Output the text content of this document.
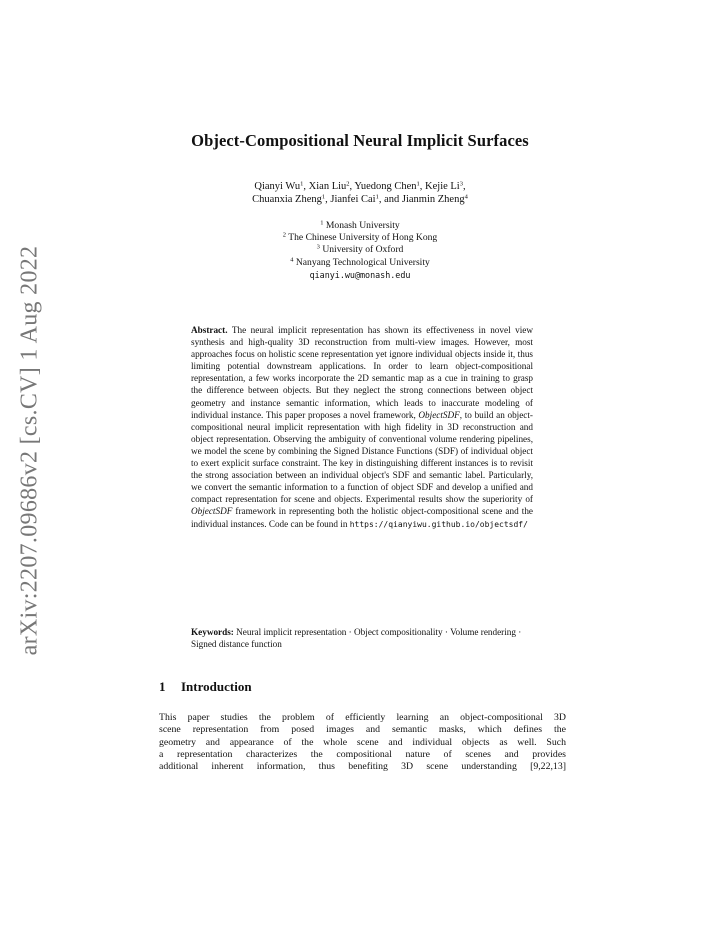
arXiv:2207.09686v2 [cs.CV] 1 Aug 2022
Object-Compositional Neural Implicit Surfaces
Qianyi Wu$^1$, Xian Liu$^2$, Yuedong Chen$^1$, Kejie Li$^3$,
Chuanxia Zheng$^1$, Jianfei Cai$^1$, and Jianmin Zheng$^4$
$^1$ Monash University
$^2$ The Chinese University of Hong Kong
$^3$ University of Oxford
$^4$ Nanyang Technological University
qianyi.wu@monash.edu
Abstract. The neural implicit representation has shown its effectiveness in novel view synthesis and high-quality 3D reconstruction from multi-view images. However, most approaches focus on holistic scene representation yet ignore individual objects inside it, thus limiting potential downstream applications. In order to learn object-compositional representation, a few works incorporate the 2D semantic map as a cue in training to grasp the difference between objects. But they neglect the strong connections between object geometry and instance semantic information, which leads to inaccurate modeling of individual instance. This paper proposes a novel framework, ObjectSDF, to build an object-compositional neural implicit representation with high fidelity in 3D reconstruction and object representation. Observing the ambiguity of conventional volume rendering pipelines, we model the scene by combining the Signed Distance Functions (SDF) of individual object to exert explicit surface constraint. The key in distinguishing different instances is to revisit the strong association between an individual object's SDF and semantic label. Particularly, we convert the semantic information to a function of object SDF and develop a unified and compact representation for scene and objects. Experimental results show the superiority of ObjectSDF framework in representing both the holistic object-compositional scene and the individual instances. Code can be found in https://qianyiwu.github.io/objectsdf/
Keywords: Neural implicit representation · Object compositionality · Volume rendering · Signed distance function
1 Introduction
This paper studies the problem of efficiently learning an object-compositional 3D
scene representation from posed images and semantic masks, which defines the
geometry and appearance of the whole scene and individual objects as well. Such
a representation characterizes the compositional nature of scenes and provides
additional inherent information, thus benefiting 3D scene understanding [9,22,13]
